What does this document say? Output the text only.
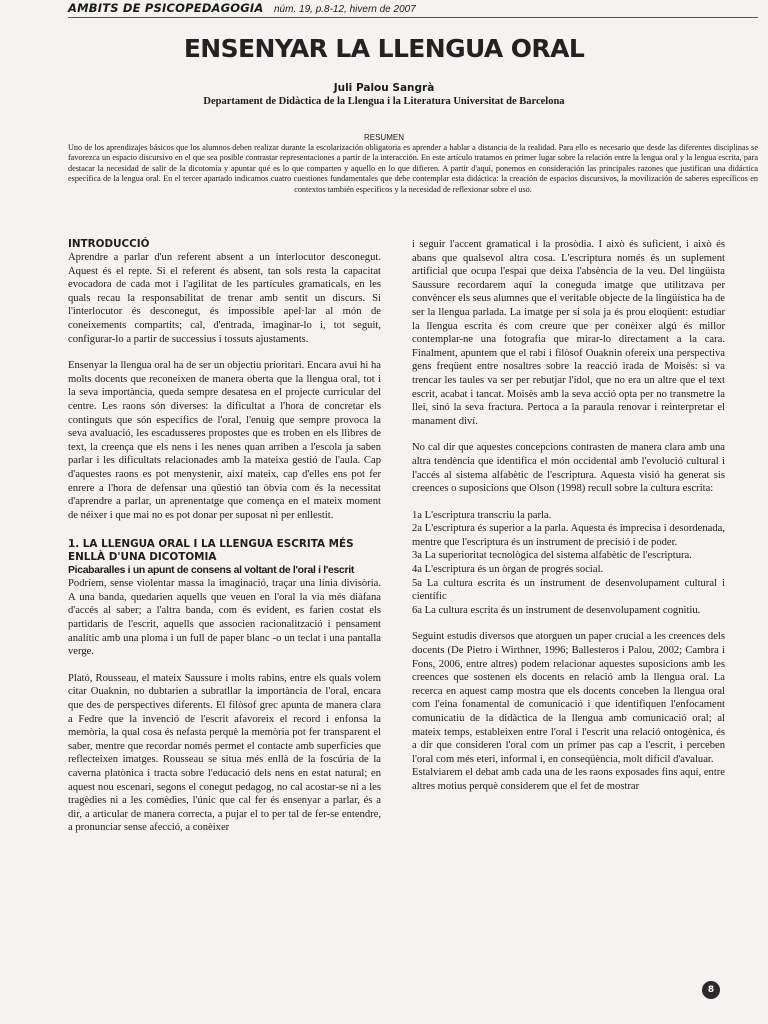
AMBITS DE PSICOPEDAGOGIA núm. 19, p.8-12, hivern de 2007
ENSENYAR LA LLENGUA ORAL
Juli Palou Sangrà
Departament de Didàctica de la Llengua i la Literatura Universitat de Barcelona
RESUMEN
Uno de los aprendizajes básicos que los alumnos deben realizar durante la escolarización obligatoria es aprender a hablar a distancia de la realidad. Para ello es necesario que desde las diferentes disciplinas se favorezca un espacio discursivo en el que sea posible contrastar representaciones a partir de la interacción. En este artículo tratamos en primer lugar sobre la relación entre la lengua oral y la lengua escrita, para destacar la necesidad de salir de la dicotomía y apuntar qué es lo que comparten y aquello en lo que difieren. A partir d'aquí, ponemos en consideración las principales razones que justifican una didáctica específica de la lengua oral. En el tercer apartado indicamos cuatro cuestiones fundamentales que debe contemplar esta didáctica: la creación de espacios discursivos, la movilización de saberes específicos en contextos también específicos y la necesidad de reflexionar sobre el uso.
INTRODUCCIÓ

Aprendre a parlar d'un referent absent a un interlocutor desconegut. Aquest és el repte. Si el referent és absent, tan sols resta la capacitat evocadora de cada mot i l'agilitat de les partícules gramaticals, en les quals recau la responsabilitat de trenar amb sentit un discurs. Si l'interlocutor és desconegut, és impossible apel·lar al món de coneixements compartits; cal, d'entrada, imaginar-lo i, tot seguit, configurar-lo a partir de successius i tossuts ajustaments.

Ensenyar la llengua oral ha de ser un objectiu prioritari. Encara avui hi ha molts docents que reconeixen de manera oberta que la llengua oral, tot i la seva importància, queda sempre desatesa en el projecte curricular del centre. Les raons són diverses: la dificultat a l'hora de concretar els continguts que són específics de l'oral, l'enuig que sempre provoca la seva avaluació, les escadusseres propostes que es troben en els llibres de text, la creença que els nens i les nenes quan arriben a l'escola ja saben parlar i les dificultats relacionades amb la mateixa gestió de l'aula. Cap d'aquestes raons es pot menystenir, així mateix, cap d'elles ens pot fer enrere a l'hora de defensar una qüestió tan òbvia com és la necessitat d'aprendre a parlar, un aprenentatge que comença en el mateix moment de néixer i que mai no es pot donar per suposat ni per enllestit.

1. LA LLENGUA ORAL I LA LLENGUA ESCRITA MÉS ENLLÀ D'UNA DICOTOMIA
Picabaralles i un apunt de consens al voltant de l'oral i l'escrit

Podríem, sense violentar massa la imaginació, traçar una línia divisòria. A una banda, quedarien aquells que veuen en l'oral la via més diàfana d'accés al saber; a l'altra banda, com és evident, es farien costat els partidaris de l'escrit, aquells que associen racionalització i pensament analític amb una ploma i un full de paper blanc -o un teclat i una pantalla verge.

Plató, Rousseau, el mateix Saussure i molts rabins, entre els quals volem citar Ouaknin, no dubtarien a subratllar la importància de l'oral, encara que des de perspectives diferents. El filòsof grec apunta de manera clara a Fedre que la invenció de l'escrit afavoreix el record i enfonsa la memòria, la qual cosa és nefasta perquè la memòria pot fer transparent el saber, mentre que recordar només permet el contacte amb superfícies que reflecteixen imatges. Rousseau se situa més enllà de la foscúria de la caverna platònica i tracta sobre l'educació dels nens en estat natural; en aquest nou escenari, segons el conegut pedagog, no cal acostar-se ni a les tragèdies ni a les comèdies, l'únic que cal fer és ensenyar a parlar, és a dir, a articular de manera correcta, a pujar el to per tal de fer-se entendre, a pronunciar sense afecció, a conèixer

i seguir l'accent gramatical i la prosòdia. I això és suficient, i això és abans que qualsevol altra cosa. L'escriptura només és un suplement artificial que ocupa l'espai que deixa l'absència de la veu. Del lingüista Saussure recordarem aquí la coneguda imatge que utilitzava per convèncer els seus alumnes que el veritable objecte de la lingüística ha de ser la llengua parlada. La imatge per si sola ja és prou eloqüent: estudiar la llengua escrita és com creure que per conèixer algú és millor contemplar-ne una fotografia que mirar-lo directament a la cara. Finalment, apuntem que el rabí i filòsof Ouaknin ofereix una perspectiva gens freqüent entre nosaltres sobre la reacció irada de Moisès: si va trencar les taules va ser per rebutjar l'ídol, que no era un altre que el text escrit, acabat i tancat. Moisès amb la seva acció opta per no transmetre la llei, sinó la seva fractura. Pertoca a la paraula renovar i reinterpretar el manament diví.

No cal dir que aquestes concepcions contrasten de manera clara amb una altra tendència que identifica el món occidental amb l'evolució cultural i l'accés al sistema alfabètic de l'escriptura. Aquesta visió ha generat sis creences o suposicions que Olson (1998) recull sobre la cultura escrita:

1a L'escriptura transcriu la parla.

2a L'escriptura és superior a la parla. Aquesta és imprecisa i desordenada, mentre que l'escriptura és un instrument de precisió i de poder.

3a La superioritat tecnològica del sistema alfabètic de l'escriptura.

4a L'escriptura és un òrgan de progrés social.

5a La cultura escrita és un instrument de desenvolupament cultural i científic

6a La cultura escrita és un instrument de desenvolupament cognitiu.

Seguint estudis diversos que atorguen un paper crucial a les creences dels docents (De Pietro i Wirthner, 1996; Ballesteros i Palou, 2002; Cambra i Fons, 2006, entre altres) podem relacionar aquestes suposicions amb les creences que sostenen els docents en relació amb la llengua oral. La recerca en aquest camp mostra que els docents conceben la llengua oral com l'eina fonamental de comunicació i que identifiquen l'enfocament comunicatiu de la didàctica de la llengua amb comunicació oral; al mateix temps, estableixen entre l'oral i l'escrit una relació ontogènica, és a dir que consideren l'oral com un primer pas cap a l'escrit, i perceben l'oral com més eteri, informal i, en conseqüència, molt difícil d'avaluar.

Estalviarem el debat amb cada una de les raons exposades fins aquí, entre altres motius perquè considerem que el fet de mostrar

8
